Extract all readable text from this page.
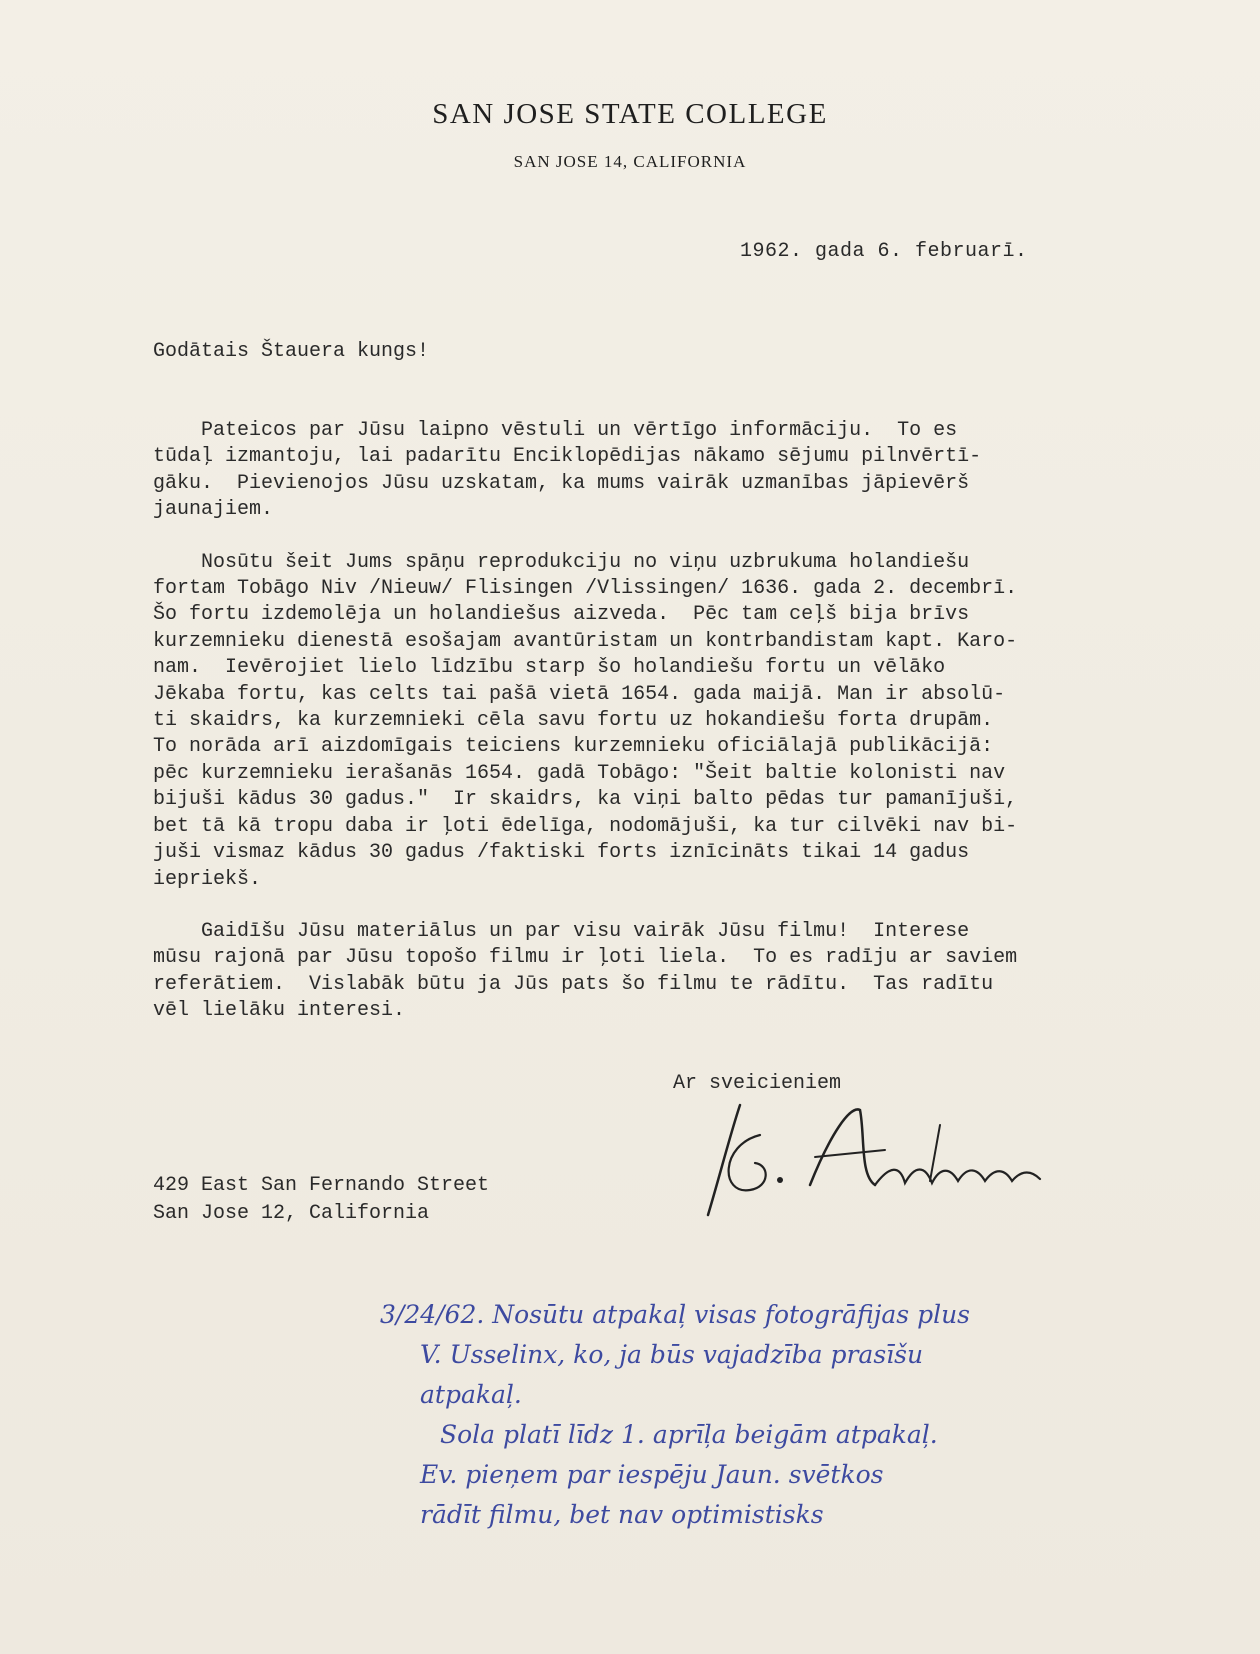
SAN JOSE STATE COLLEGE
SAN JOSE 14, CALIFORNIA
1962. gada 6. februarī.
Godātais Štauera kungs!

Pateicos par Jūsu laipno vēstuli un vērtīgo informāciju.  To es
tūdaļ izmantoju, lai padarītu Enciklopēdijas nākamo sējumu pilnvērtī-
gāku.  Pievienojos Jūsu uzskatam, ka mums vairāk uzmanības jāpievērš
jaunajiem.

Nosūtu šeit Jums spāņu reprodukciju no viņu uzbrukuma holandiešu
fortam Tobāgo Niv /Nieuw/ Flisingen /Vlissingen/ 1636. gada 2. decembrī.
Šo fortu izdemolēja un holandiešus aizveda.  Pēc tam ceļš bija brīvs
kurzemnieku dienestā esošajam avantūristam un kontrbandistam kapt. Karo-
nam.  Ievērojiet lielo līdzību starp šo holandiešu fortu un vēlāko
Jēkaba fortu, kas celts tai pašā vietā 1654. gada maijā. Man ir absolū-
ti skaidrs, ka kurzemnieki cēla savu fortu uz hokandiešu forta drupām.
To norāda arī aizdomīgais teiciens kurzemnieku oficiālajā publikācijā:
pēc kurzemnieku ierašanās 1654. gadā Tobāgo: "Šeit baltie kolonisti nav
bijuši kādus 30 gadus."  Ir skaidrs, ka viņi balto pēdas tur pamanījuši,
bet tā kā tropu daba ir ļoti ēdelīga, nodomājuši, ka tur cilvēki nav bi-
juši vismaz kādus 30 gadus /faktiski forts iznīcināts tikai 14 gadus
iepriekš.

Gaidīšu Jūsu materiālus un par visu vairāk Jūsu filmu!  Interese
mūsu rajonā par Jūsu topošo filmu ir ļoti liela.  To es radīju ar saviem
referātiem.  Vislabāk būtu ja Jūs pats šo filmu te rādītu.  Tas radītu
vēl lielāku interesi.

Ar sveicieniem
429 East San Fernando Street
San Jose 12, California
3/24/62. Nosūtu atpakaļ visas fotogrāfijas plus
V. Usselinx, ko, ja būs vajadzība prasīšu
atpakaļ.
Sola platī līdz 1. aprīļa beigām atpakaļ.
Ev. pieņem par iespēju Jaun. svētkos
rādīt filmu, bet nav optimistisks
